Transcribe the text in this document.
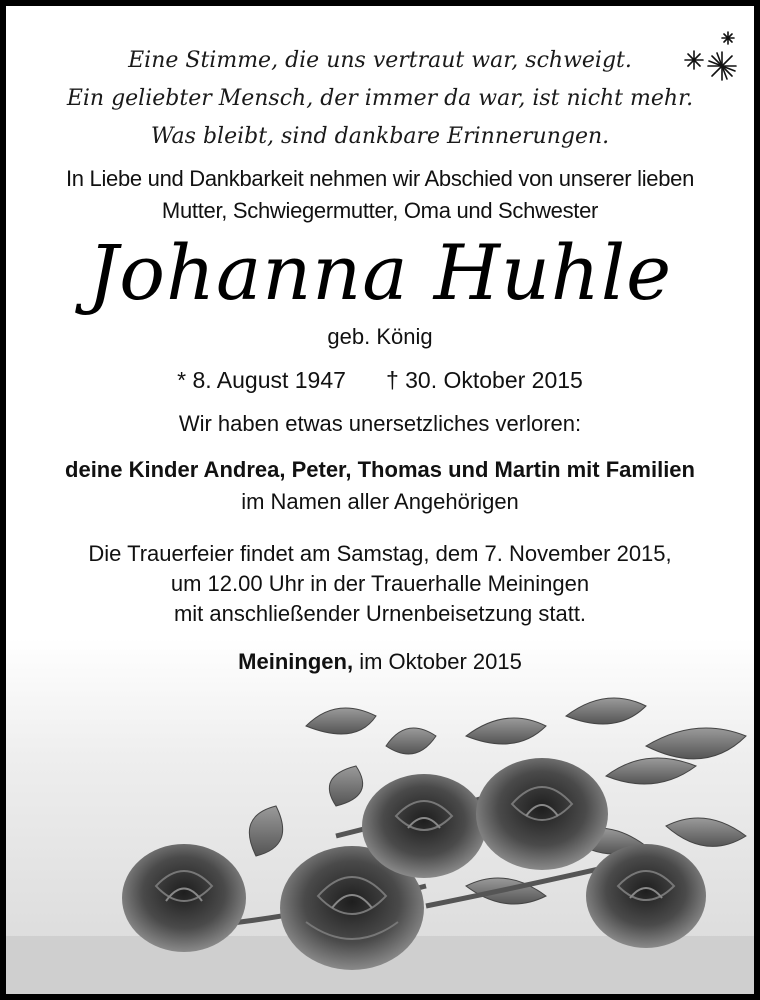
Eine Stimme, die uns vertraut war, schweigt.
Ein geliebter Mensch, der immer da war, ist nicht mehr.
Was bleibt, sind dankbare Erinnerungen.
In Liebe und Dankbarkeit nehmen wir Abschied von unserer lieben
Mutter, Schwiegermutter, Oma und Schwester
Johanna Huhle
geb. König
* 8. August 1947 † 30. Oktober 2015
Wir haben etwas unersetzliches verloren:
deine Kinder Andrea, Peter, Thomas und Martin mit Familien
im Namen aller Angehörigen
Die Trauerfeier findet am Samstag, dem 7. November 2015,
um 12.00 Uhr in der Trauerhalle Meiningen
mit anschließender Urnenbeisetzung statt.
Meiningen, im Oktober 2015
